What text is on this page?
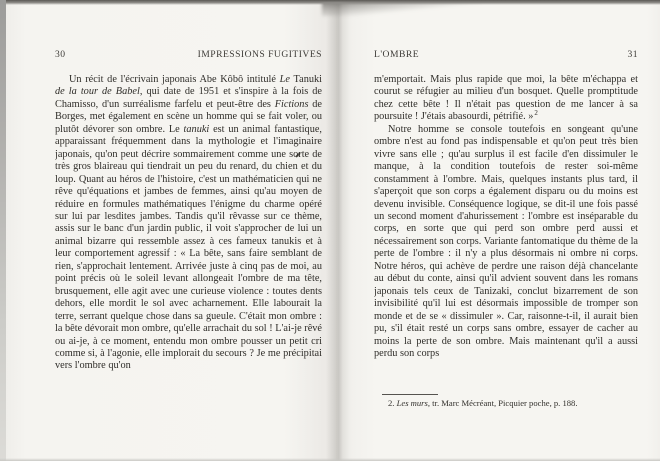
30	IMPRESSIONS FUGITIVES

Un récit de l'écrivain japonais Abe Kôbô intitulé Le Tanuki de la tour de Babel, qui date de 1951 et s'inspire à la fois de Chamisso, d'un surréalisme farfelu et peut-être des Fictions de Borges, met également en scène un homme qui se fait voler, ou plutôt dévorer son ombre. Le tanuki est un animal fantastique, apparaissant fréquemment dans la mythologie et l'imaginaire japonais, qu'on peut décrire sommairement comme une sorte de très gros blaireau qui tiendrait un peu du renard, du chien et du loup. Quant au héros de l'histoire, c'est un mathématicien qui ne rêve qu'équations et jambes de femmes, ainsi qu'au moyen de réduire en formules mathématiques l'énigme du charme opéré sur lui par lesdites jambes. Tandis qu'il rêvasse sur ce thème, assis sur le banc d'un jardin public, il voit s'approcher de lui un animal bizarre qui ressemble assez à ces fameux tanukis et à leur comportement agressif : « La bête, sans faire semblant de rien, s'approchait lentement. Arrivée juste à cinq pas de moi, au point précis où le soleil levant allongeait l'ombre de ma tête, brusquement, elle agit avec une curieuse violence : toutes dents dehors, elle mordit le sol avec acharnement. Elle labourait la terre, serrant quelque chose dans sa gueule. C'était mon ombre : la bête dévorait mon ombre, qu'elle arrachait du sol ! L'ai-je rêvé ou ai-je, à ce moment, entendu mon ombre pousser un petit cri comme si, à l'agonie, elle implorait du secours ? Je me précipitai vers l'ombre qu'on

L'OMBRE	31

m'emportait. Mais plus rapide que moi, la bête m'échappa et courut se réfugier au milieu d'un bosquet. Quelle promptitude chez cette bête ! Il n'était pas question de me lancer à sa poursuite ! J'étais abasourdi, pétrifié. »$^2$

Notre homme se console toutefois en songeant qu'une ombre n'est au fond pas indispensable et qu'on peut très bien vivre sans elle ; qu'au surplus il est facile d'en dissimuler le manque, à la condition toutefois de rester soi-même constamment à l'ombre. Mais, quelques instants plus tard, il s'aperçoit que son corps a également disparu ou du moins est devenu invisible. Conséquence logique, se dit-il une fois passé un second moment d'ahurissement : l'ombre est inséparable du corps, en sorte que qui perd son ombre perd aussi et nécessairement son corps. Variante fantomatique du thème de la perte de l'ombre : il n'y a plus désormais ni ombre ni corps. Notre héros, qui achève de perdre une raison déjà chancelante au début du conte, ainsi qu'il advient souvent dans les romans japonais tels ceux de Tanizaki, conclut bizarrement de son invisibilité qu'il lui est désormais impossible de tromper son monde et de se « dissimuler ». Car, raisonne-t-il, il aurait bien pu, s'il était resté un corps sans ombre, essayer de cacher au moins la perte de son ombre. Mais maintenant qu'il a aussi perdu son corps

2. Les murs, tr. Marc Mécréant, Picquier poche, p. 188.
